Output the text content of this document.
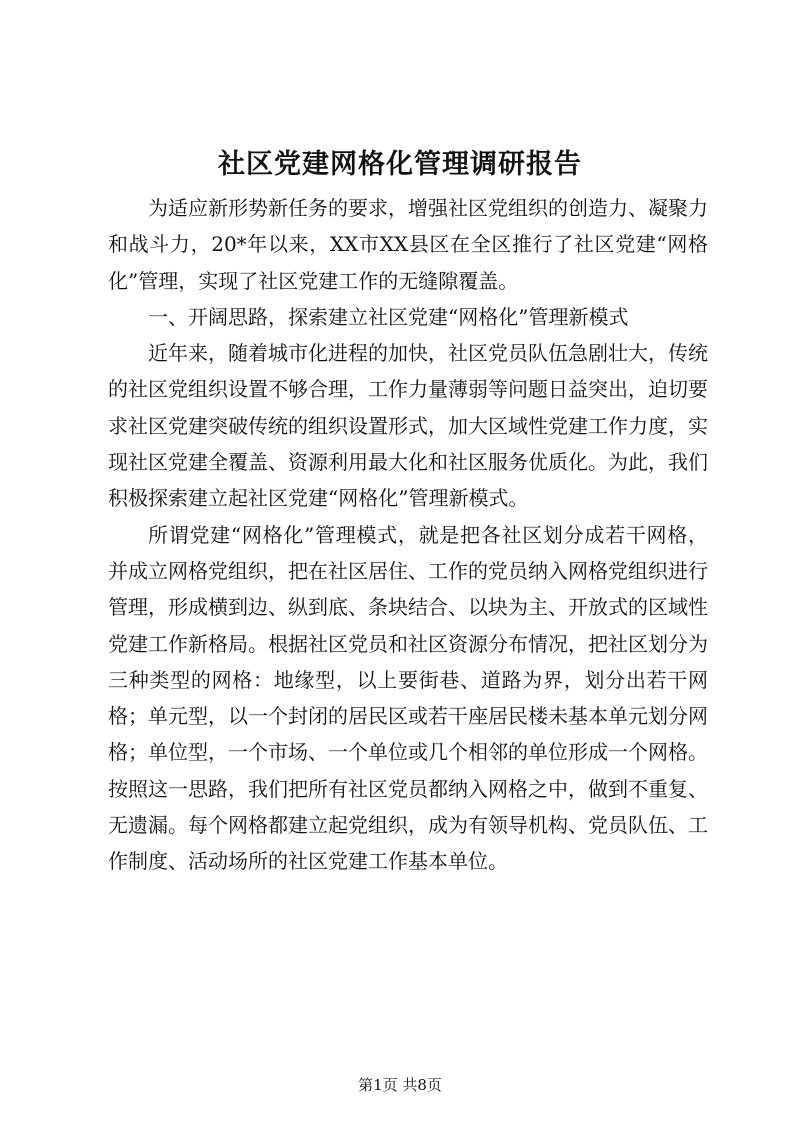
社区党建网格化管理调研报告

为适应新形势新任务的要求，增强社区党组织的创造力、凝聚力和战斗力，20*年以来，XX市XX县区在全区推行了社区党建“网格化”管理，实现了社区党建工作的无缝隙覆盖。

一、开阔思路，探索建立社区党建“网格化”管理新模式

近年来，随着城市化进程的加快，社区党员队伍急剧壮大，传统的社区党组织设置不够合理，工作力量薄弱等问题日益突出，迫切要求社区党建突破传统的组织设置形式，加大区域性党建工作力度，实现社区党建全覆盖、资源利用最大化和社区服务优质化。为此，我们积极探索建立起社区党建“网格化”管理新模式。

所谓党建“网格化”管理模式，就是把各社区划分成若干网格，并成立网格党组织，把在社区居住、工作的党员纳入网格党组织进行管理，形成横到边、纵到底、条块结合、以块为主、开放式的区域性党建工作新格局。根据社区党员和社区资源分布情况，把社区划分为三种类型的网格：地缘型，以上要街巷、道路为界，划分出若干网格；单元型，以一个封闭的居民区或若干座居民楼未基本单元划分网格；单位型，一个市场、一个单位或几个相邻的单位形成一个网格。按照这一思路，我们把所有社区党员都纳入网格之中，做到不重复、无遗漏。每个网格都建立起党组织，成为有领导机构、党员队伍、工作制度、活动场所的社区党建工作基本单位。

第1页 共8页
